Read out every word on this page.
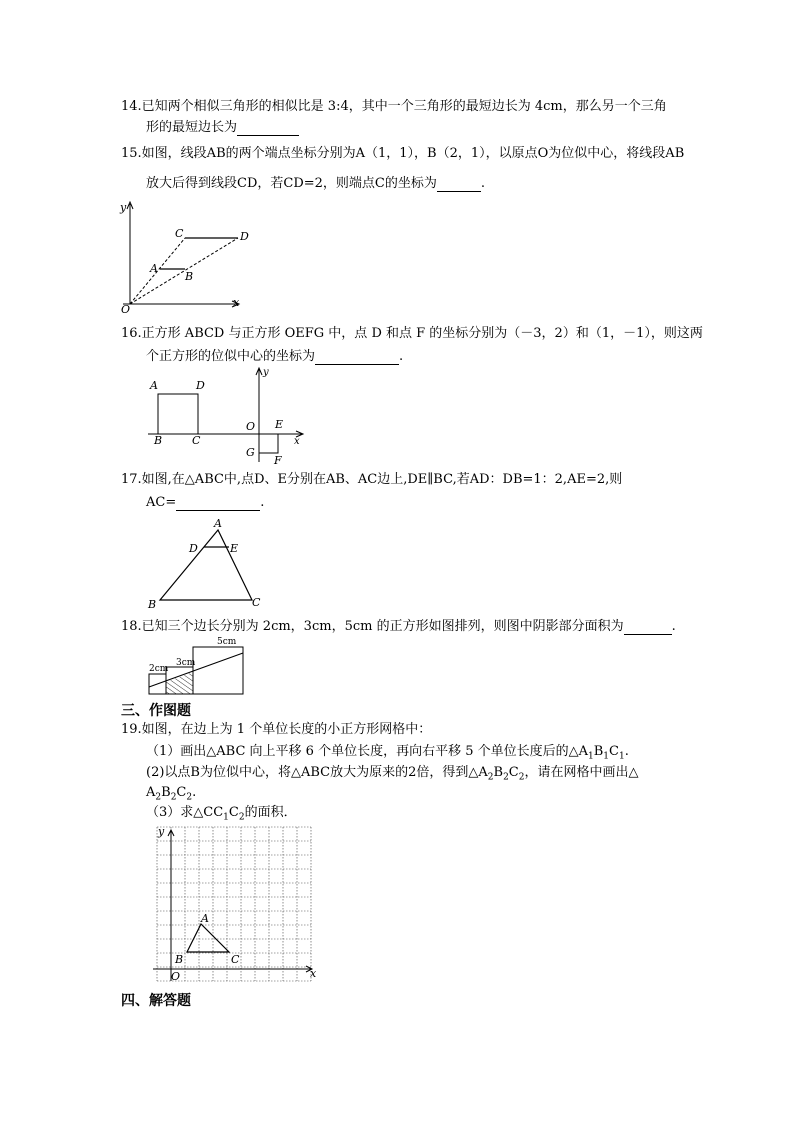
14.已知两个相似三角形的相似比是 3:4，其中一个三角形的最短边长为 4cm，那么另一个三角
形的最短边长为
15.如图，线段AB的两个端点坐标分别为A（1，1），B（2，1），以原点O为位似中心，将线段AB
放大后得到线段CD，若CD=2，则端点C的坐标为	.
y
x
O
A
B
C	D
16.正方形 ABCD 与正方形 OEFG 中，点 D 和点 F 的坐标分别为（－3，2）和（1，－1），则这两
个正方形的位似中心的坐标为	.
A	D
B	C
O E
G
F
y
x
17.如图,在△ABC中,点D、E分别在AB、AC边上,DE∥BC,若AD：DB=1：2,AE=2,则
AC=	.
A
D	E
B	C
18.已知三个边长分别为 2cm，3cm，5cm 的正方形如图排列，则图中阴影部分面积为	.
5cm
3cm
2cm
三、作图题
19.如图，在边上为 1 个单位长度的小正方形网格中：
（1）画出△ABC 向上平移 6 个单位长度，再向右平移 5 个单位长度后的$\triangle A_1B_1C_1$.
(2)以点B为位似中心，将△ABC放大为原来的2倍，得到$\triangle A_2B_2C_2$，请在网格中画出△
$A_2B_2C_2$.
（3）求$\triangle CC_1C_2$的面积．
y
x
O
A
B	C
四、解答题
